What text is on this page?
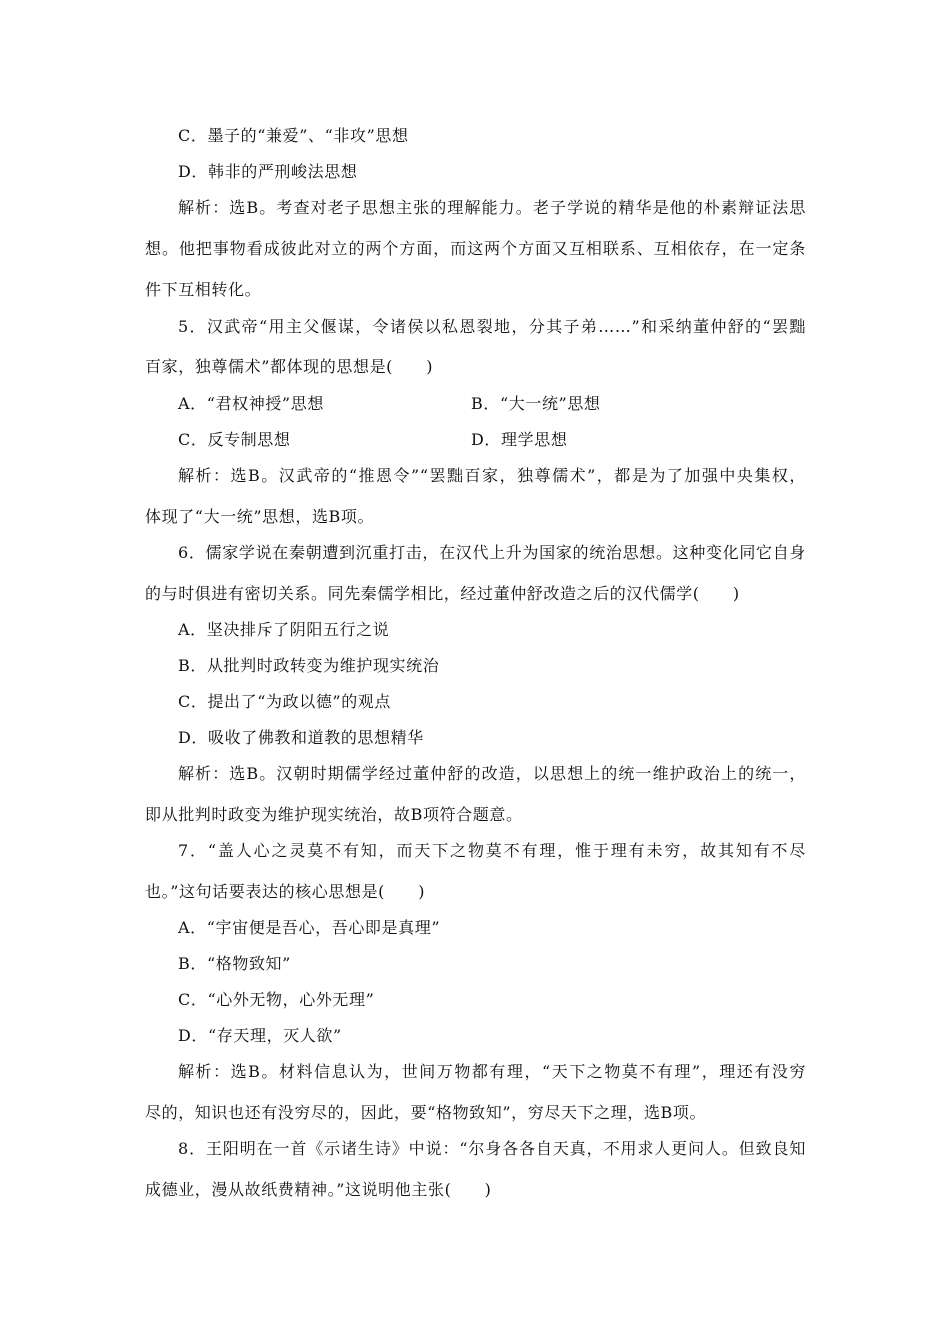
C．墨子的“兼爱”、“非攻”思想
D．韩非的严刑峻法思想
解析：选B。考查对老子思想主张的理解能力。老子学说的精华是他的朴素辩证法思
想。他把事物看成彼此对立的两个方面，而这两个方面又互相联系、互相依存，在一定条
件下互相转化。
5．汉武帝“用主父偃谋，令诸侯以私恩裂地，分其子弟……”和采纳董仲舒的“罢黜
百家，独尊儒术”都体现的思想是(　　)
A．“君权神授”思想	B．“大一统”思想
C．反专制思想	D．理学思想
解析：选B。汉武帝的“推恩令”“罢黜百家，独尊儒术”，都是为了加强中央集权，
体现了“大一统”思想，选B项。
6．儒家学说在秦朝遭到沉重打击，在汉代上升为国家的统治思想。这种变化同它自身
的与时俱进有密切关系。同先秦儒学相比，经过董仲舒改造之后的汉代儒学(　　)
A．坚决排斥了阴阳五行之说
B．从批判时政转变为维护现实统治
C．提出了“为政以德”的观点
D．吸收了佛教和道教的思想精华
解析：选B。汉朝时期儒学经过董仲舒的改造，以思想上的统一维护政治上的统一，
即从批判时政变为维护现实统治，故B项符合题意。
7．“盖人心之灵莫不有知，而天下之物莫不有理，惟于理有未穷，故其知有不尽
也。”这句话要表达的核心思想是(　　)
A．“宇宙便是吾心，吾心即是真理”
B．“格物致知”
C．“心外无物，心外无理”
D．“存天理，灭人欲”
解析：选B。材料信息认为，世间万物都有理，“天下之物莫不有理”，理还有没穷
尽的，知识也还有没穷尽的，因此，要“格物致知”，穷尽天下之理，选B项。
8．王阳明在一首《示诸生诗》中说：“尔身各各自天真，不用求人更问人。但致良知
成德业，漫从故纸费精神。”这说明他主张(　　)
